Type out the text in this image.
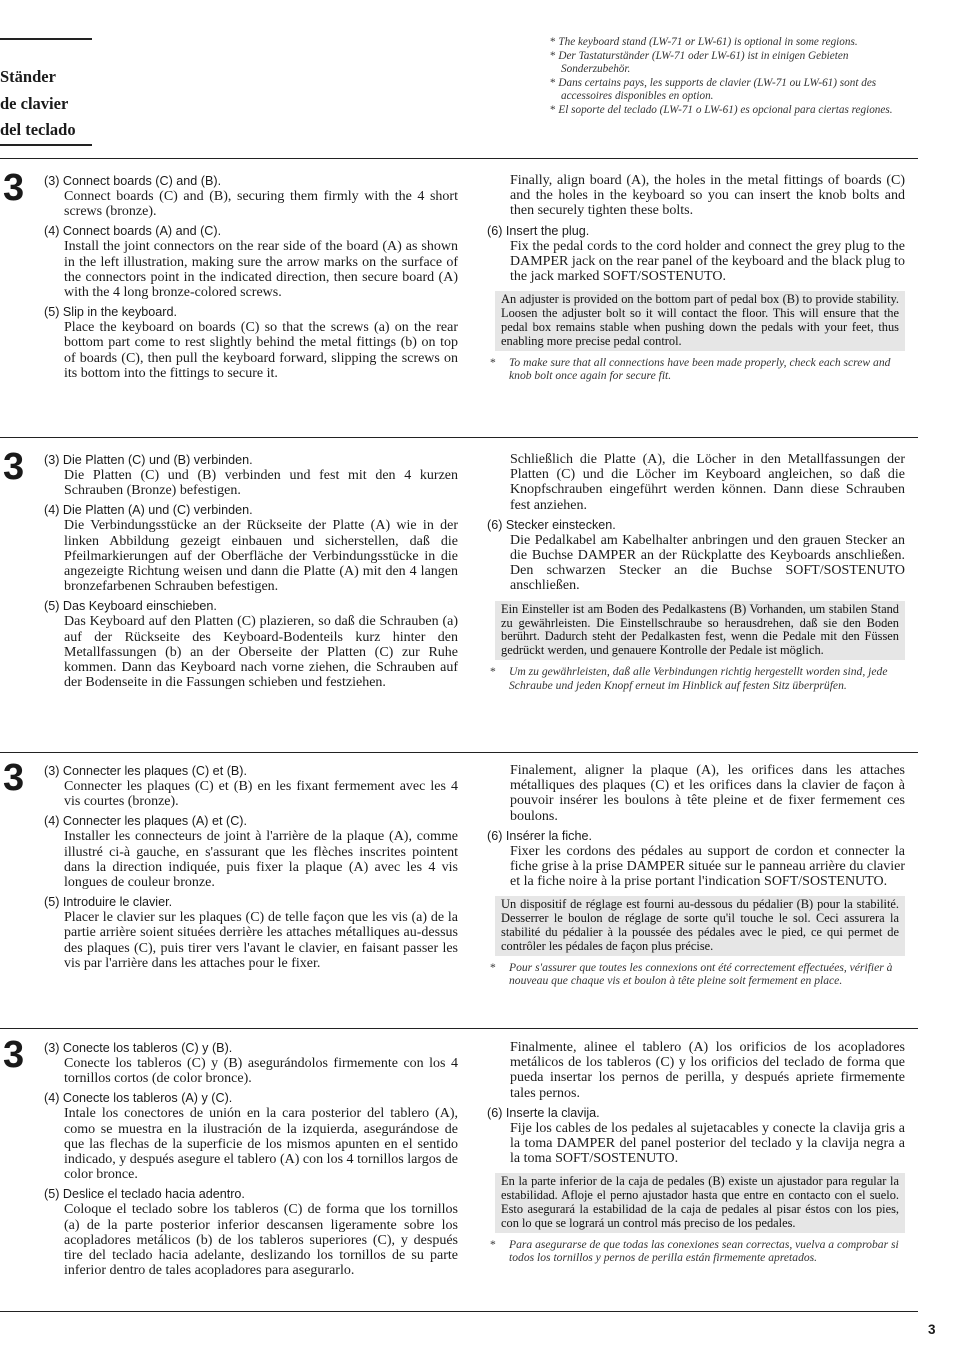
Ständer
de clavier
del teclado
* The keyboard stand (LW-71 or LW-61) is optional in some regions.
* Der Tastaturständer (LW-71 oder LW-61) ist in einigen Gebieten Sonderzubehör.
* Dans certains pays, les supports de clavier (LW-71 ou LW-61) sont des accessoires disponibles en option.
* El soporte del teclado (LW-71 o LW-61) es opcional para ciertas regiones.
3 (3) Connect boards (C) and (B).

Connect boards (C) and (B), securing them firmly with the 4 short screws (bronze).

(4) Connect boards (A) and (C).

Install the joint connectors on the rear side of the board (A) as shown in the left illustration, making sure the arrow marks on the surface of the connectors point in the indicated direction, then secure board (A) with the 4 long bronze-colored screws.

(5) Slip in the keyboard.

Place the keyboard on boards (C) so that the screws (a) on the rear bottom part come to rest slightly behind the metal fittings (b) on top of boards (C), then pull the keyboard forward, slipping the screws on its bottom into the fittings to secure it.

Finally, align board (A), the holes in the metal fittings of boards (C) and the holes in the keyboard so you can insert the knob bolts and then securely tighten these bolts.

(6) Insert the plug.

Fix the pedal cords to the cord holder and connect the grey plug to the DAMPER jack on the rear panel of the keyboard and the black plug to the jack marked SOFT/SOSTENUTO.

An adjuster is provided on the bottom part of pedal box (B) to provide stability. Loosen the adjuster bolt so it will contact the floor. This will ensure that the pedal box remains stable when pushing down the pedals with your feet, thus enabling more precise pedal control.
* To make sure that all connections have been made properly, check each screw and knob bolt once again for secure fit.
3 (3) Die Platten (C) und (B) verbinden.

Die Platten (C) und (B) verbinden und fest mit den 4 kurzen Schrauben (Bronze) befestigen.

(4) Die Platten (A) und (C) verbinden.

Die Verbindungsstücke an der Rückseite der Platte (A) wie in der linken Abbildung gezeigt einbauen und sicherstellen, daß die Pfeilmarkierungen auf der Oberfläche der Verbindungsstücke in die angezeigte Richtung weisen und dann die Platte (A) mit den 4 langen bronzefarbenen Schrauben befestigen.

(5) Das Keyboard einschieben.

Das Keyboard auf den Platten (C) plazieren, so daß die Schrauben (a) auf der Rückseite des Keyboard-Bodenteils kurz hinter den Metallfassungen (b) an der Oberseite der Platten (C) zur Ruhe kommen. Dann das Keyboard nach vorne ziehen, die Schrauben auf der Bodenseite in die Fassungen schieben und festziehen.

Schließlich die Platte (A), die Löcher in den Metallfassungen der Platten (C) und die Löcher im Keyboard angleichen, so daß die Knopfschrauben eingeführt werden können. Dann diese Schrauben fest anziehen.

(6) Stecker einstecken.

Die Pedalkabel am Kabelhalter anbringen und den grauen Stecker an die Buchse DAMPER an der Rückplatte des Keyboards anschließen. Den schwarzen Stecker an die Buchse SOFT/SOSTENUTO anschließen.

Ein Einsteller ist am Boden des Pedalkastens (B) Vorhanden, um stabilen Stand zu gewährleisten. Die Einstellschraube so herausdrehen, daß sie den Boden berührt. Dadurch steht der Pedalkasten fest, wenn die Pedale mit den Füssen gedrückt werden, und genauere Kontrolle der Pedale ist möglich.
* Um zu gewährleisten, daß alle Verbindungen richtig hergestellt worden sind, jede Schraube und jeden Knopf erneut im Hinblick auf festen Sitz überprüfen.
3 (3) Connecter les plaques (C) et (B).

Connecter les plaques (C) et (B) en les fixant fermement avec les 4 vis courtes (bronze).

(4) Connecter les plaques (A) et (C).

Installer les connecteurs de joint à l'arrière de la plaque (A), comme illustré ci-à gauche, en s'assurant que les flèches inscrites pointent dans la direction indiquée, puis fixer la plaque (A) avec les 4 vis longues de couleur bronze.

(5) Introduire le clavier.

Placer le clavier sur les plaques (C) de telle façon que les vis (a) de la partie arrière soient situées derrière les attaches métalliques au-dessus des plaques (C), puis tirer vers l'avant le clavier, en faisant passer les vis par l'arrière dans les attaches pour le fixer.

Finalement, aligner la plaque (A), les orifices dans les attaches métalliques des plaques (C) et les orifices dans la clavier de façon à pouvoir insérer les boulons à tête pleine et de fixer fermement ces boulons.

(6) Insérer la fiche.

Fixer les cordons des pédales au support de cordon et connecter la fiche grise à la prise DAMPER située sur le panneau arrière du clavier et la fiche noire à la prise portant l'indication SOFT/SOSTENUTO.

Un dispositif de réglage est fourni au-dessous du pédalier (B) pour la stabilité. Desserrer le boulon de réglage de sorte qu'il touche le sol. Ceci assurera la stabilité du pédalier à la poussée des pédales avec le pied, ce qui permet de contrôler les pédales de façon plus précise.
* Pour s'assurer que toutes les connexions ont été correctement effectuées, vérifier à nouveau que chaque vis et boulon à tête pleine soit fermement en place.
3 (3) Conecte los tableros (C) y (B).

Conecte los tableros (C) y (B) asegurándolos firmemente con los 4 tornillos cortos (de color bronce).

(4) Conecte los tableros (A) y (C).

Intale los conectores de unión en la cara posterior del tablero (A), como se muestra en la ilustración de la izquierda, asegurándose de que las flechas de la superficie de los mismos apunten en el sentido indicado, y después asegure el tablero (A) con los 4 tornillos largos de color bronce.

(5) Deslice el teclado hacia adentro.

Coloque el teclado sobre los tableros (C) de forma que los tornillos (a) de la parte posterior inferior descansen ligeramente sobre los acopladores metálicos (b) de los tableros superiores (C), y después tire del teclado hacia adelante, deslizando los tornillos de su parte inferior dentro de tales acopladores para asegurarlo.

Finalmente, alinee el tablero (A) los orificios de los acopladores metálicos de los tableros (C) y los orificios del teclado de forma que pueda insertar los pernos de perilla, y después apriete firmemente tales pernos.

(6) Inserte la clavija.

Fije los cables de los pedales al sujetacables y conecte la clavija gris a la toma DAMPER del panel posterior del teclado y la clavija negra a la toma SOFT/SOSTENUTO.

En la parte inferior de la caja de pedales (B) existe un ajustador para regular la estabilidad. Afloje el perno ajustador hasta que entre en contacto con el suelo. Esto asegurará la estabilidad de la caja de pedales al pisar éstos con los pies, con lo que se logrará un control más preciso de los pedales.
* Para asegurarse de que todas las conexiones sean correctas, vuelva a comprobar si todos los tornillos y pernos de perilla están firmemente apretados.
3
